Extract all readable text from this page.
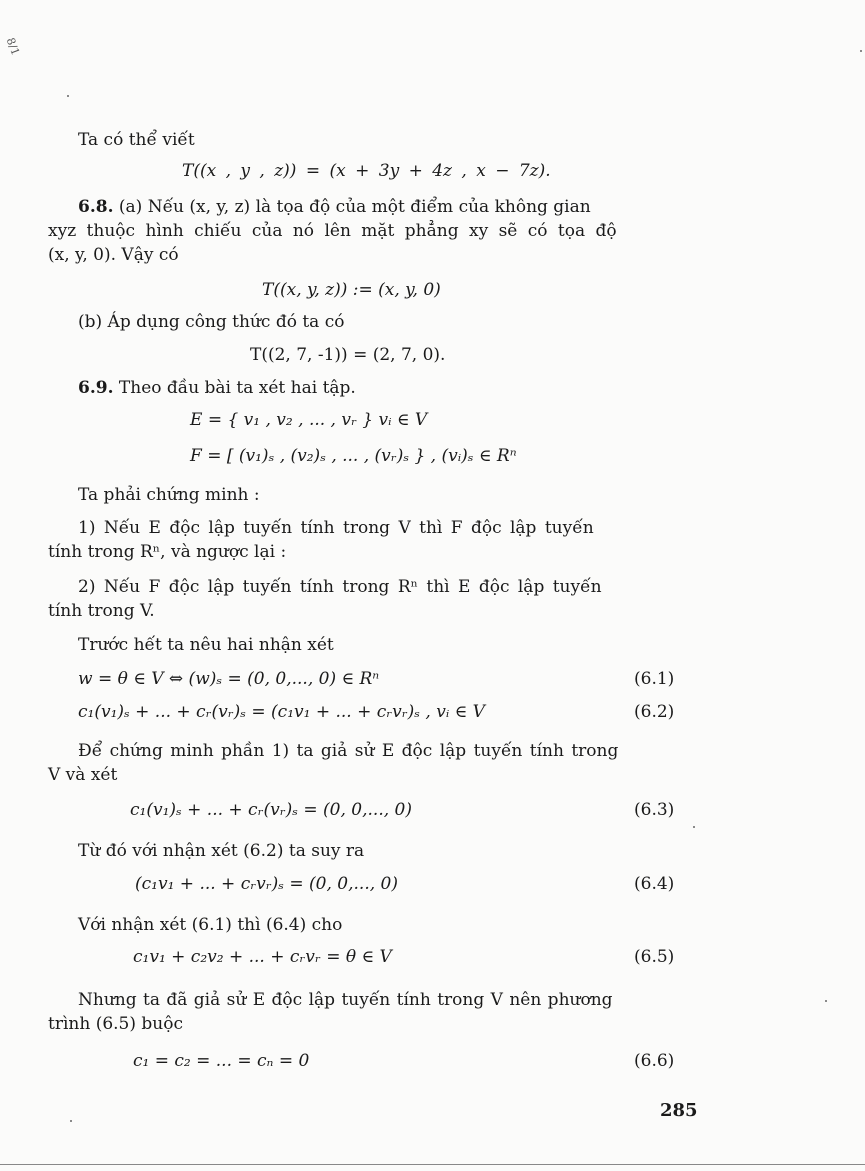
8/1
Ta có thể viết
T((x , y , z)) = (x + 3y + 4z , x − 7z).
6.8. (a) Nếu (x, y, z) là tọa độ của một điểm của không gian
xyz thuộc hình chiếu của nó lên mặt phẳng xy sẽ có tọa độ
(x, y, 0). Vậy có
T((x, y, z)) := (x, y, 0)
(b) Áp dụng công thức đó ta có
T((2, 7, -1)) = (2, 7, 0).
6.9. Theo đầu bài ta xét hai tập.
E = { v₁ , v₂ , ... , vᵣ } vᵢ ∈ V
F = [ (v₁)ₛ , (v₂)ₛ , ... , (vᵣ)ₛ } , (vᵢ)ₛ ∈ Rⁿ
Ta phải chứng minh :
1) Nếu E độc lập tuyến tính trong V thì F độc lập tuyến
tính trong Rⁿ, và ngược lại :
2) Nếu F độc lập tuyến tính trong Rⁿ thì E độc lập tuyến
tính trong V.
Trước hết ta nêu hai nhận xét
w = θ ∈ V ⇔ (w)ₛ = (0, 0,..., 0) ∈ Rⁿ	(6.1)
c₁(v₁)ₛ + ... + cᵣ(vᵣ)ₛ = (c₁v₁ + ... + cᵣvᵣ)ₛ , vᵢ ∈ V	(6.2)
Để chứng minh phần 1) ta giả sử E độc lập tuyến tính trong
V và xét
c₁(v₁)ₛ + ... + cᵣ(vᵣ)ₛ = (0, 0,..., 0)	(6.3)
Từ đó với nhận xét (6.2) ta suy ra
(c₁v₁ + ... + cᵣvᵣ)ₛ = (0, 0,..., 0)	(6.4)
Với nhận xét (6.1) thì (6.4) cho
c₁v₁ + c₂v₂ + ... + cᵣvᵣ = θ ∈ V	(6.5)
Nhưng ta đã giả sử E độc lập tuyến tính trong V nên phương
trình (6.5) buộc
c₁ = c₂ = ... = cₙ = 0	(6.6)
285
